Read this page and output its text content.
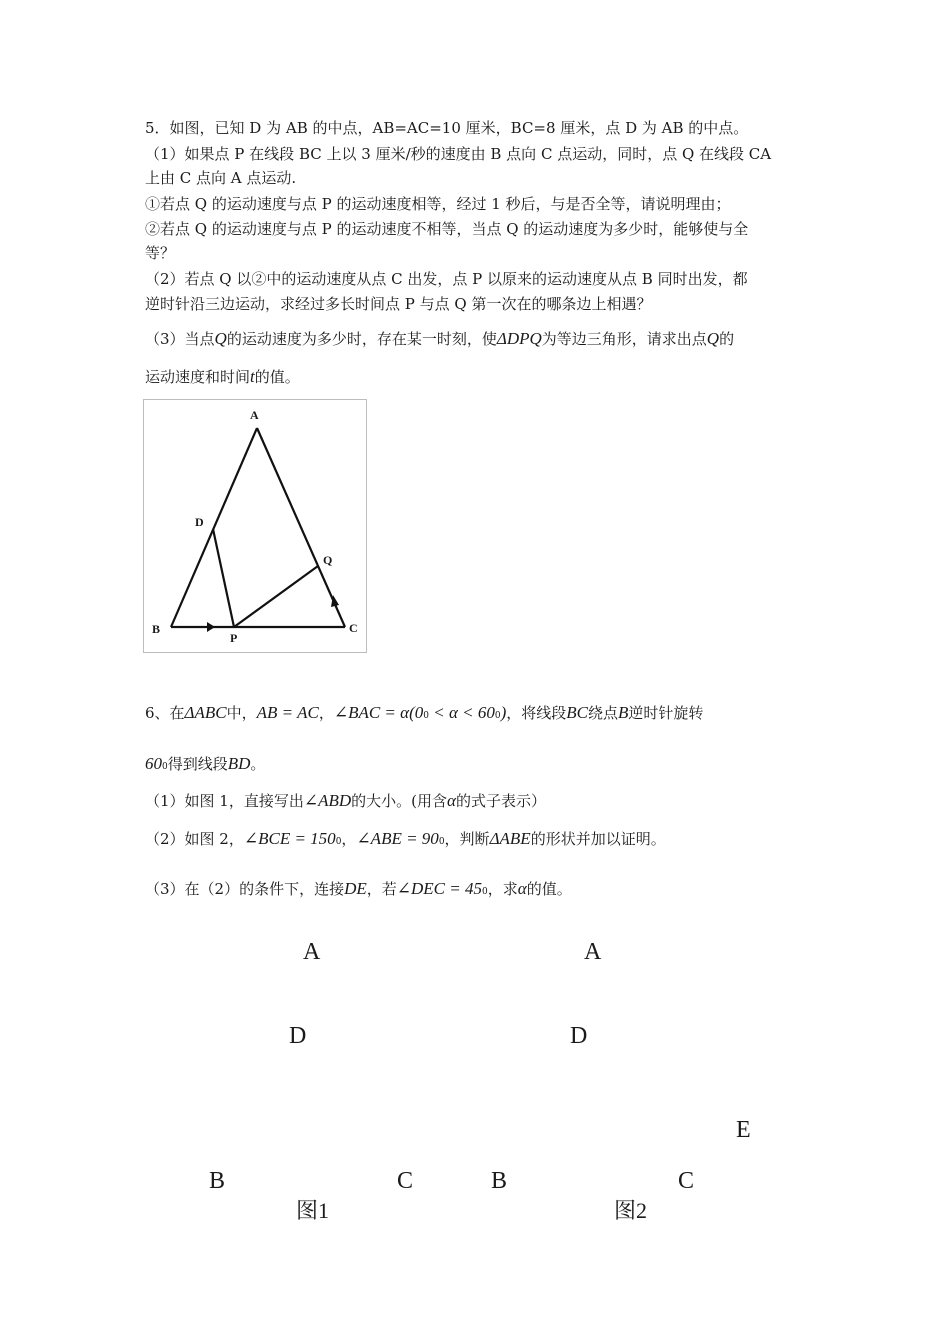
5．如图，已知 D 为 AB 的中点，AB=AC=10 厘米，BC=8 厘米，点 D 为 AB 的中点。
（1）如果点 P 在线段 BC 上以 3 厘米/秒的速度由 B 点向 C 点运动，同时，点 Q 在线段 CA
上由 C 点向 A 点运动.
①若点 Q 的运动速度与点 P 的运动速度相等，经过 1 秒后，与是否全等，请说明理由；
②若点 Q 的运动速度与点 P 的运动速度不相等，当点 Q 的运动速度为多少时，能够使与全
等？
（2）若点 Q 以②中的运动速度从点 C 出发，点 P 以原来的运动速度从点 B 同时出发，都
逆时针沿三边运动，求经过多长时间点 P 与点 Q 第一次在的哪条边上相遇？
（3）当点Q的运动速度为多少时，存在某一时刻，使ΔDPQ为等边三角形，请求出点Q的
运动速度和时间t的值。
A
D
Q
B
P
C
6、在ΔABC中，AB = AC，∠BAC = α(00 < α < 600)，将线段BC绕点B逆时针旋转
600得到线段BD。
（1）如图 1，直接写出∠ABD的大小。(用含α的式子表示）
（2）如图 2，∠BCE = 1500，∠ABE = 900，判断ΔABE的形状并加以证明。
（3）在（2）的条件下，连接DE，若∠DEC = 450，求α的值。
A
D
B	C
图1
A
D
E
B	C
图2
